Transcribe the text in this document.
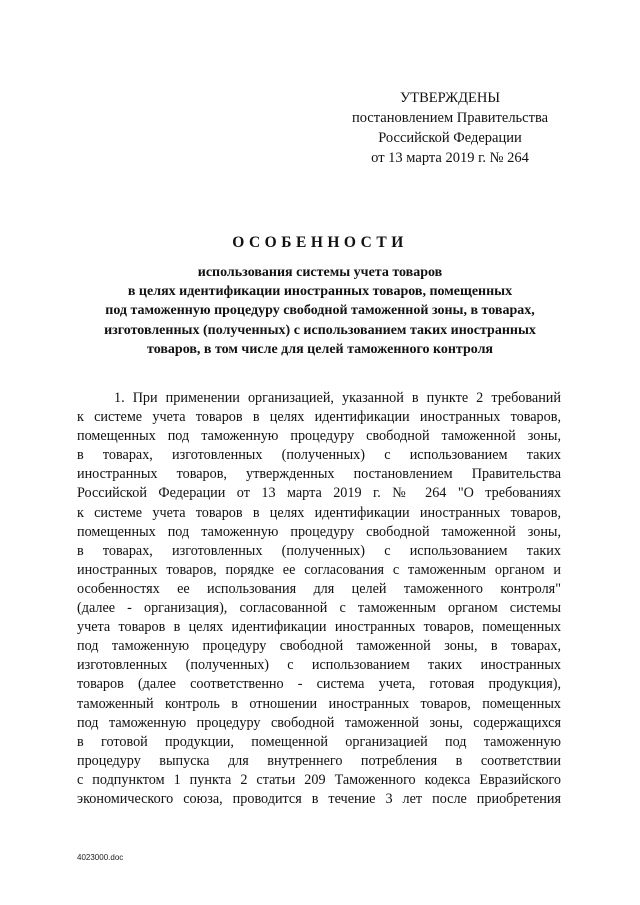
УТВЕРЖДЕНЫ
постановлением Правительства
Российской Федерации
от 13 марта 2019 г. № 264
ОСОБЕННОСТИ
использования системы учета товаров
в целях идентификации иностранных товаров, помещенных
под таможенную процедуру свободной таможенной зоны, в товарах,
изготовленных (полученных) с использованием таких иностранных
товаров, в том числе для целей таможенного контроля
1. При применении организацией, указанной в пункте 2 требований
к системе учета товаров в целях идентификации иностранных товаров,
помещенных под таможенную процедуру свободной таможенной зоны,
в товарах, изготовленных (полученных) с использованием таких
иностранных товаров, утвержденных постановлением Правительства
Российской Федерации от 13 марта 2019 г. № 264 "О требованиях
к системе учета товаров в целях идентификации иностранных товаров,
помещенных под таможенную процедуру свободной таможенной зоны,
в товарах, изготовленных (полученных) с использованием таких
иностранных товаров, порядке ее согласования с таможенным органом и
особенностях ее использования для целей таможенного контроля"
(далее - организация), согласованной с таможенным органом системы
учета товаров в целях идентификации иностранных товаров, помещенных
под таможенную процедуру свободной таможенной зоны, в товарах,
изготовленных (полученных) с использованием таких иностранных
товаров (далее соответственно - система учета, готовая продукция),
таможенный контроль в отношении иностранных товаров, помещенных
под таможенную процедуру свободной таможенной зоны, содержащихся
в готовой продукции, помещенной организацией под таможенную
процедуру выпуска для внутреннего потребления в соответствии
с подпунктом 1 пункта 2 статьи 209 Таможенного кодекса Евразийского
экономического союза, проводится в течение 3 лет после приобретения
4023000.doc
